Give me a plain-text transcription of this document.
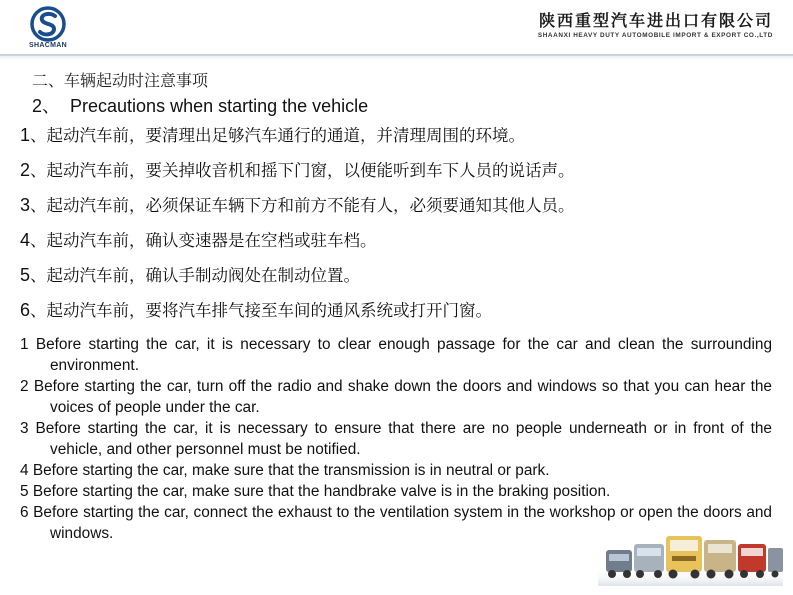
SHACMAN
陕西重型汽车进出口有限公司
SHAANXI HEAVY DUTY AUTOMOBILE IMPORT & EXPORT CO.,LTD
二、车辆起动时注意事项
2、 Precautions when starting the vehicle
1、起动汽车前，要清理出足够汽车通行的通道，并清理周围的环境。
2、起动汽车前，要关掉收音机和摇下门窗，以便能听到车下人员的说话声。
3、起动汽车前，必须保证车辆下方和前方不能有人，必须要通知其他人员。
4、起动汽车前，确认变速器是在空档或驻车档。
5、起动汽车前，确认手制动阀处在制动位置。
6、起动汽车前，要将汽车排气接至车间的通风系统或打开门窗。
1 Before starting the car, it is necessary to clear enough passage for the car and clean the surrounding environment.
2 Before starting the car, turn off the radio and shake down the doors and windows so that you can hear the voices of people under the car.
3 Before starting the car, it is necessary to ensure that there are no people underneath or in front of the vehicle, and other personnel must be notified.
4 Before starting the car, make sure that the transmission is in neutral or park.
5 Before starting the car, make sure that the handbrake valve is in the braking position.
6 Before starting the car, connect the exhaust to the ventilation system in the workshop or open the doors and windows.
